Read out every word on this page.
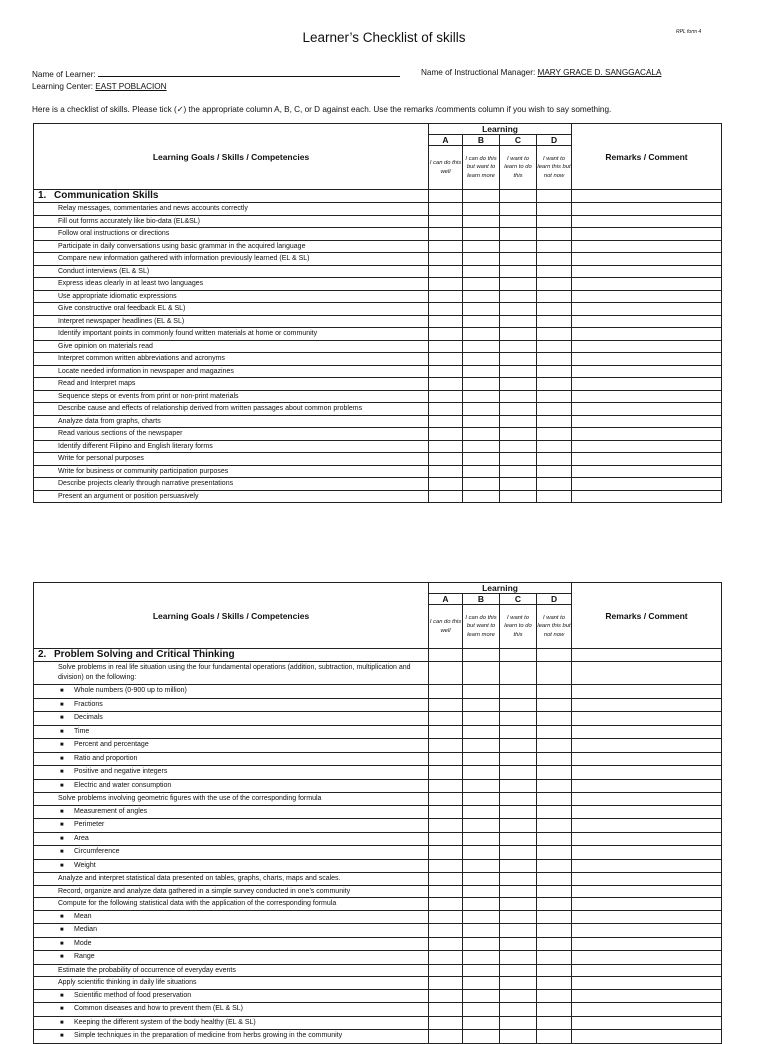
RPL form 4
Learner’s Checklist of skills
Name of Learner:	Name of Instructional Manager: MARY GRACE D. SANGGACALA
Learning Center: EAST POBLACION
Here is a checklist of skills. Please tick (✓) the appropriate column A, B, C, or D against each. Use the remarks /comments column if you wish to say something.
Learning Goals / Skills / Competencies	Learning				Remarks / Comment
	A	B	C	D	
	I can do this well	I can do this but want to learn more	I want to learn to do this	I want to learn this but not now	
1. Communication Skills					
Relay messages, commentaries and news accounts correctly					
Fill out forms accurately like bio-data (EL&SL)					
Follow oral instructions or directions					
Participate in daily conversations using basic grammar in the acquired language					
Compare new information gathered with information previously learned (EL & SL)					
Conduct interviews (EL & SL)					
Express ideas clearly in at least two languages					
Use appropriate idiomatic expressions					
Give constructive oral feedback EL & SL)					
Interpret newspaper headlines (EL & SL)					
Identify important points in commonly found written materials at home or community					
Give opinion on materials read					
Interpret common written abbreviations and acronyms					
Locate needed information in newspaper and magazines					
Read and Interpret maps					
Sequence steps or events from print or non-print materials					
Describe cause and effects of relationship derived from written passages about common problems					
Analyze data from graphs, charts					
Read various sections of the newspaper					
Identify different Filipino and English literary forms					
Write for personal purposes					
Write for business or community participation purposes					
Describe projects clearly through narrative presentations					
Present an argument or position persuasively					
Learning Goals / Skills / Competencies	Learning				Remarks / Comment
	A	B	C	D	
	I can do this well	I can do this but want to learn more	I want to learn to do this	I want to learn this but not now	
2. Problem Solving and Critical Thinking					
Solve problems in real life situation using the four fundamental operations (addition, subtraction, multiplication and division) on the following:					
■ Whole numbers (0-900 up to million)					
■ Fractions					
■ Decimals					
■ Time					
■ Percent and percentage					
■ Ratio and proportion					
■ Positive and negative integers					
■ Electric and water consumption					
Solve problems involving geometric figures with the use of the corresponding formula					
■ Measurement of angles					
■ Perimeter					
■ Area					
■ Circumference					
■ Weight					
Analyze and interpret statistical data presented on tables, graphs, charts, maps and scales.					
Record, organize and analyze data gathered in a simple survey conducted in one’s community					
Compute for the following statistical data with the application of the corresponding formula					
■ Mean					
■ Median					
■ Mode					
■ Range					
Estimate the probability of occurrence of everyday events					
Apply scientific thinking in daily life situations					
■ Scientific method of food preservation					
■ Common diseases and how to prevent them (EL & SL)					
■ Keeping the different system of the body healthy (EL & SL)					
■ Simple techniques in the preparation of medicine from herbs growing in the community					
